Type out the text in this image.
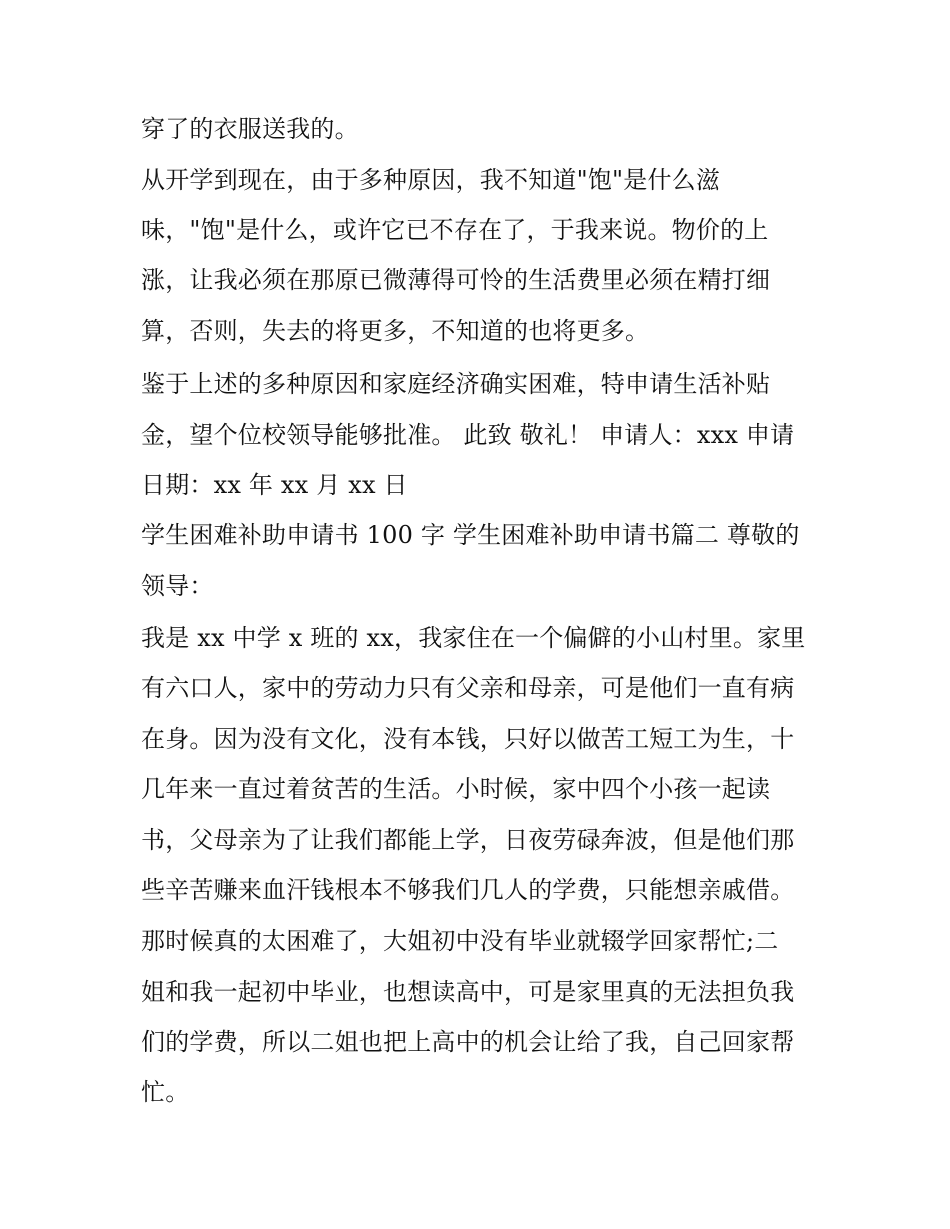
穿了的衣服送我的。

从开学到现在，由于多种原因，我不知道"饱"是什么滋

味，"饱"是什么，或许它已不存在了，于我来说。物价的上

涨，让我必须在那原已微薄得可怜的生活费里必须在精打细

算，否则，失去的将更多，不知道的也将更多。

鉴于上述的多种原因和家庭经济确实困难，特申请生活补贴

金，望个位校领导能够批准。 此致 敬礼！ 申请人：xxx 申请

日期：xx 年 xx 月 xx 日

学生困难补助申请书 100 字 学生困难补助申请书篇二 尊敬的

领导：

我是 xx 中学 x 班的 xx，我家住在一个偏僻的小山村里。家里

有六口人，家中的劳动力只有父亲和母亲，可是他们一直有病

在身。因为没有文化，没有本钱，只好以做苦工短工为生，十

几年来一直过着贫苦的生活。小时候，家中四个小孩一起读

书，父母亲为了让我们都能上学，日夜劳碌奔波，但是他们那

些辛苦赚来血汗钱根本不够我们几人的学费，只能想亲戚借。

那时候真的太困难了，大姐初中没有毕业就辍学回家帮忙;二

姐和我一起初中毕业，也想读高中，可是家里真的无法担负我

们的学费，所以二姐也把上高中的机会让给了我，自己回家帮

忙。
